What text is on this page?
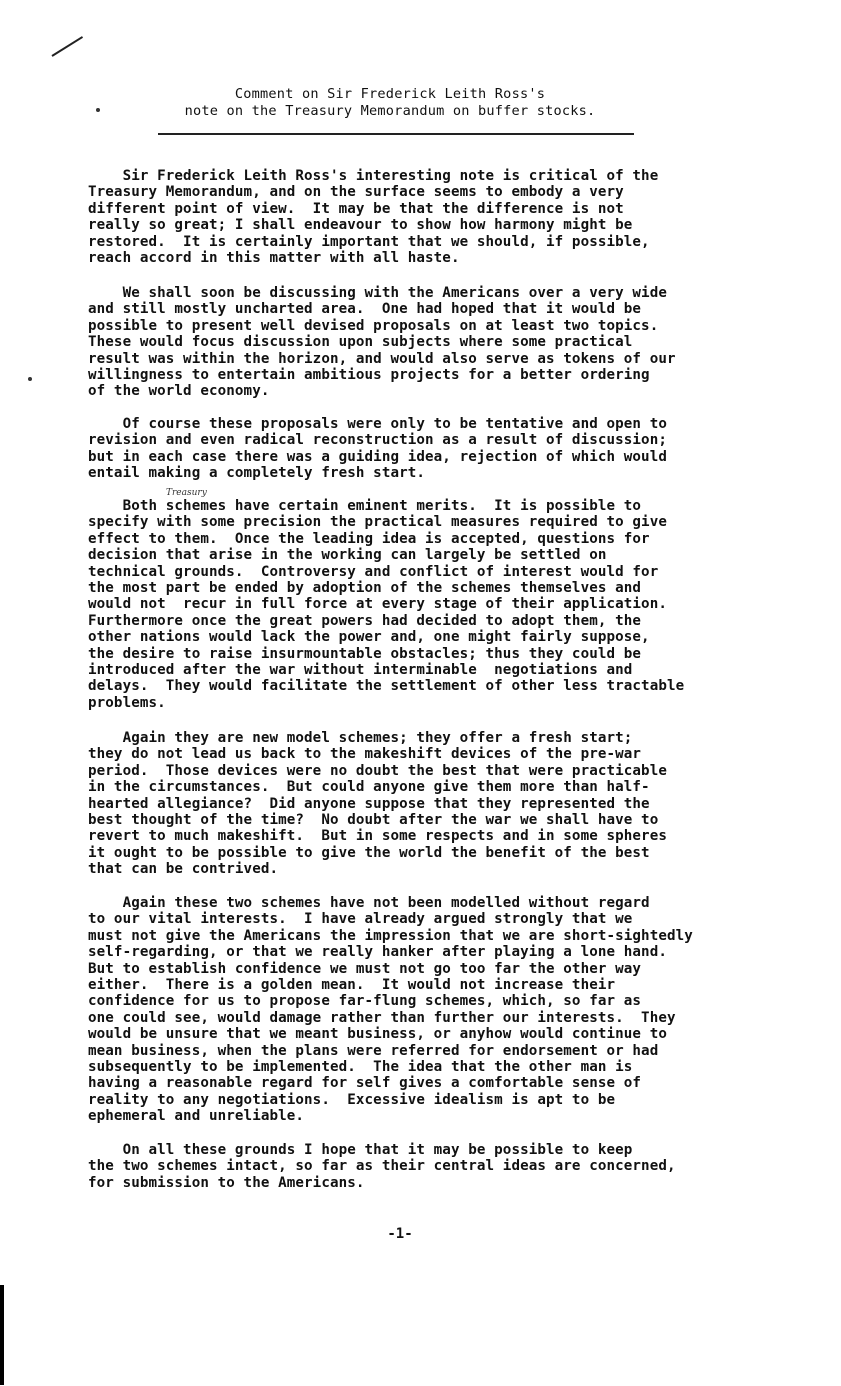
Comment on Sir Frederick Leith Ross's
note on the Treasury Memorandum on buffer stocks.
Treasury
Sir Frederick Leith Ross's interesting note is critical of the
Treasury Memorandum, and on the surface seems to embody a very
different point of view.  It may be that the difference is not
really so great; I shall endeavour to show how harmony might be
restored.  It is certainly important that we should, if possible,
reach accord in this matter with all haste.
We shall soon be discussing with the Americans over a very wide
and still mostly uncharted area.  One had hoped that it would be
possible to present well devised proposals on at least two topics.
These would focus discussion upon subjects where some practical
result was within the horizon, and would also serve as tokens of our
willingness to entertain ambitious projects for a better ordering
of the world economy.
Of course these proposals were only to be tentative and open to
revision and even radical reconstruction as a result of discussion;
but in each case there was a guiding idea, rejection of which would
entail making a completely fresh start.
Both schemes have certain eminent merits.  It is possible to
specify with some precision the practical measures required to give
effect to them.  Once the leading idea is accepted, questions for
decision that arise in the working can largely be settled on
technical grounds.  Controversy and conflict of interest would for
the most part be ended by adoption of the schemes themselves and
would not  recur in full force at every stage of their application.
Furthermore once the great powers had decided to adopt them, the
other nations would lack the power and, one might fairly suppose,
the desire to raise insurmountable obstacles; thus they could be
introduced after the war without interminable  negotiations and
delays.  They would facilitate the settlement of other less tractable
problems.
Again they are new model schemes; they offer a fresh start;
they do not lead us back to the makeshift devices of the pre-war
period.  Those devices were no doubt the best that were practicable
in the circumstances.  But could anyone give them more than half-
hearted allegiance?  Did anyone suppose that they represented the
best thought of the time?  No doubt after the war we shall have to
revert to much makeshift.  But in some respects and in some spheres
it ought to be possible to give the world the benefit of the best
that can be contrived.
Again these two schemes have not been modelled without regard
to our vital interests.  I have already argued strongly that we
must not give the Americans the impression that we are short-sightedly
self-regarding, or that we really hanker after playing a lone hand.
But to establish confidence we must not go too far the other way
either.  There is a golden mean.  It would not increase their
confidence for us to propose far-flung schemes, which, so far as
one could see, would damage rather than further our interests.  They
would be unsure that we meant business, or anyhow would continue to
mean business, when the plans were referred for endorsement or had
subsequently to be implemented.  The idea that the other man is
having a reasonable regard for self gives a comfortable sense of
reality to any negotiations.  Excessive idealism is apt to be
ephemeral and unreliable.
On all these grounds I hope that it may be possible to keep
the two schemes intact, so far as their central ideas are concerned,
for submission to the Americans.
-1-
